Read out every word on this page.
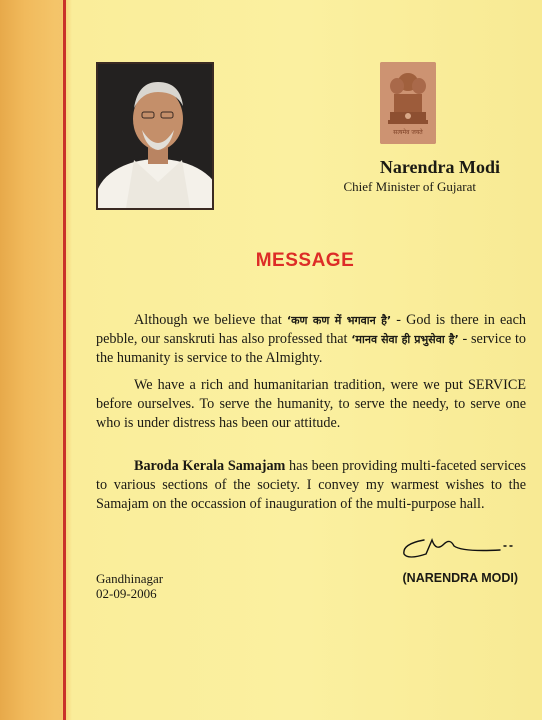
सत्यमेव जयते
Narendra Modi
Chief Minister of Gujarat
MESSAGE
Although we believe that ‘कण कण में भगवान है’ - God is there in each pebble, our sanskruti has also professed that ‘मानव सेवा ही प्रभुसेवा है’ - service to the humanity is service to the Almighty.
We have a rich and humanitarian tradition, were we put SERVICE before ourselves. To serve the humanity, to serve the needy, to serve one who is under distress has been our attitude.
Baroda Kerala Samajam has been providing multi-faceted services to various sections of the society. I convey my warmest wishes to the Samajam on the occassion of inauguration of the multi-purpose hall.
Gandhinagar
02-09-2006
(NARENDRA MODI)
